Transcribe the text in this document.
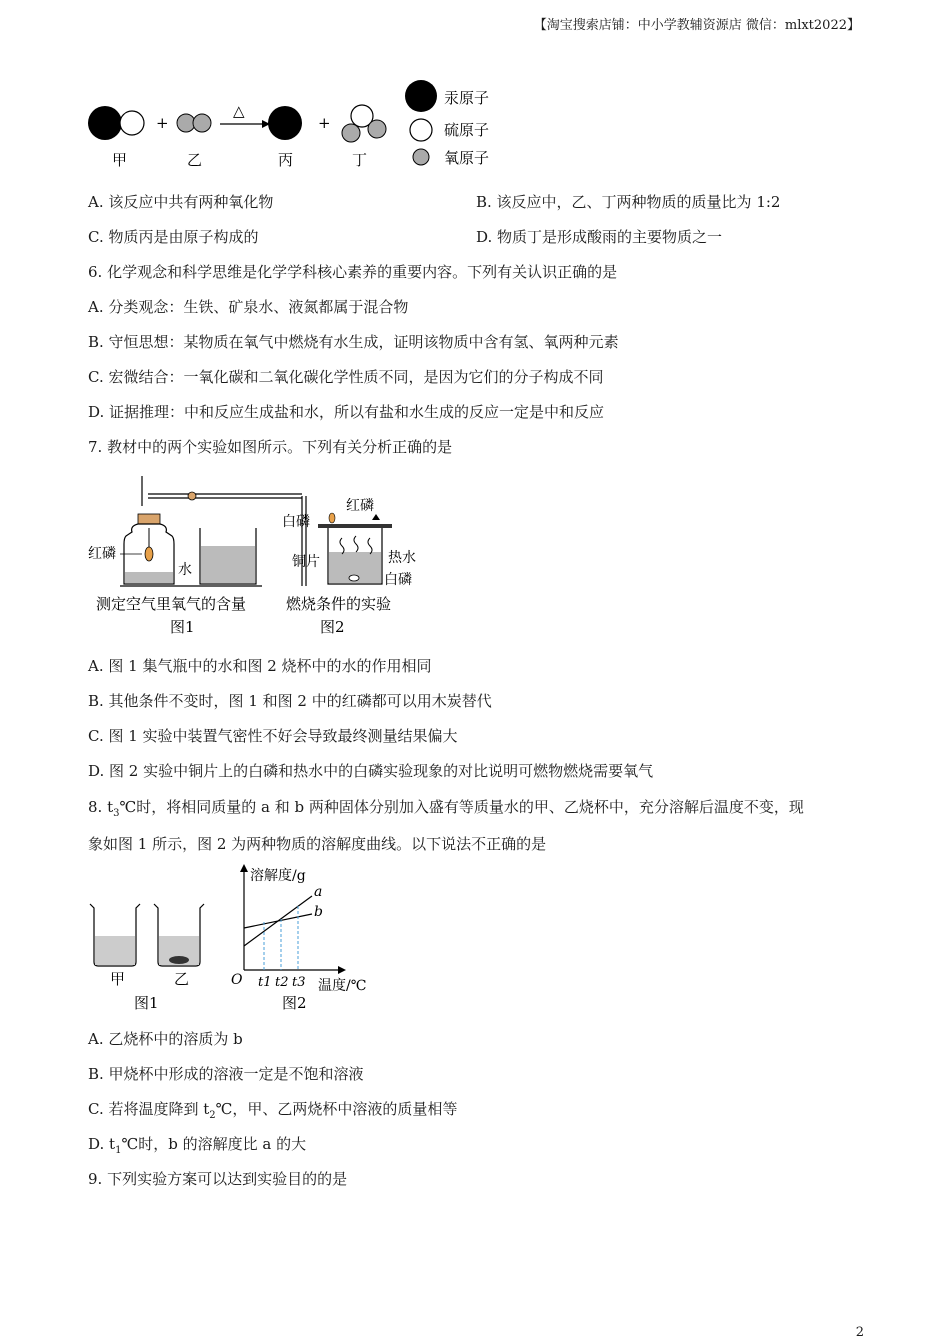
【淘宝搜索店铺：中小学教辅资源店 微信：mlxt2022】
+
△
+
甲	乙	丙	丁
汞原子
硫原子
氧原子
A. 该反应中共有两种氧化物	B. 该反应中，乙、丁两种物质的质量比为 1:2
C. 物质丙是由原子构成的	D. 物质丁是形成酸雨的主要物质之一
6. 化学观念和科学思维是化学学科核心素养的重要内容。下列有关认识正确的是
A. 分类观念：生铁、矿泉水、液氮都属于混合物
B. 守恒思想：某物质在氧气中燃烧有水生成，证明该物质中含有氢、氧两种元素
C. 宏微结合：一氧化碳和二氧化碳化学性质不同，是因为它们的分子构成不同
D. 证据推理：中和反应生成盐和水，所以有盐和水生成的反应一定是中和反应
7. 教材中的两个实验如图所示。下列有关分析正确的是
红磷
水
测定空气里氧气的含量
图1
红磷
白磷
铜片	热水
白磷
燃烧条件的实验
图2
A. 图 1 集气瓶中的水和图 2 烧杯中的水的作用相同
B. 其他条件不变时，图 1 和图 2 中的红磷都可以用木炭替代
C. 图 1 实验中装置气密性不好会导致最终测量结果偏大
D. 图 2 实验中铜片上的白磷和热水中的白磷实验现象的对比说明可燃物燃烧需要氧气
8. $t_3℃$时，将相同质量的 a 和 b 两种固体分别加入盛有等质量水的甲、乙烧杯中，充分溶解后温度不变，现
象如图 1 所示，图 2 为两种物质的溶解度曲线。以下说法不正确的是
甲	乙
图1
溶解度/g
a
b
O t1 t2 t3 温度/℃
图2
A. 乙烧杯中的溶质为 b
B. 甲烧杯中形成的溶液一定是不饱和溶液
C. 若将温度降到 $t_2℃$，甲、乙两烧杯中溶液的质量相等
D. $t_1℃$时，b 的溶解度比 a 的大
9. 下列实验方案可以达到实验目的的是
2
